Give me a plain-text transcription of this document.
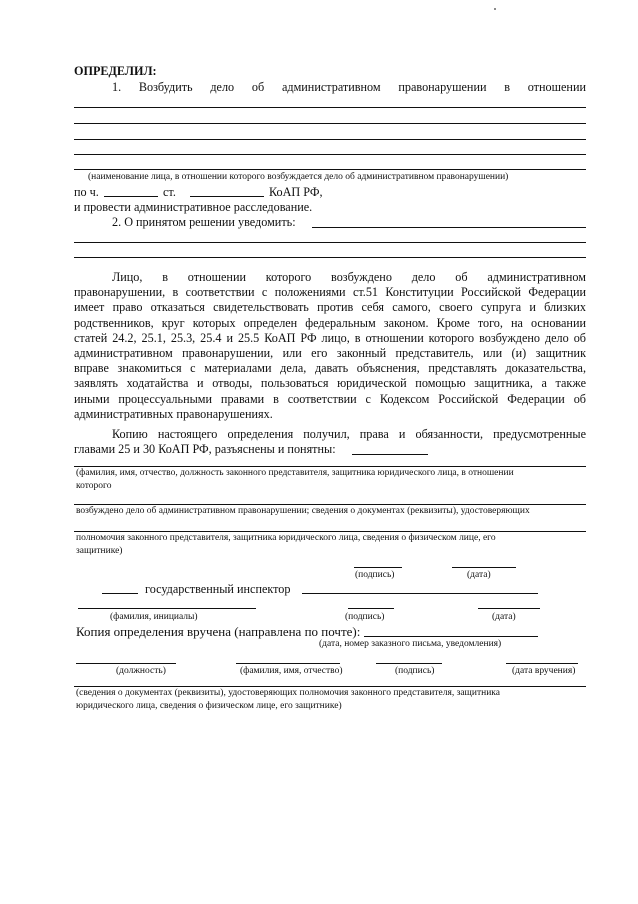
ОПРЕДЕЛИЛ:
1. Возбудить дело об административном правонарушении в отношении
(наименование лица, в отношении которого возбуждается дело об административном правонарушении)
по ч.	ст.	КоАП РФ,
и провести административное расследование.
2. О принятом решении уведомить:
Лицо, в отношении которого возбуждено дело об административном
правонарушении, в соответствии с положениями ст.51 Конституции Российской Федерации
имеет право отказаться свидетельствовать против себя самого, своего супруга и близких
родственников, круг которых определен федеральным законом. Кроме того, на основании
статей 24.2, 25.1, 25.3, 25.4 и 25.5 КоАП РФ лицо, в отношении которого возбуждено дело об
административном правонарушении, или его законный представитель, или (и) защитник
вправе знакомиться с материалами дела, давать объяснения, представлять доказательства,
заявлять ходатайства и отводы, пользоваться юридической помощью защитника, а также
иными процессуальными правами в соответствии с Кодексом Российской Федерации об
административных правонарушениях.
Копию настоящего определения получил, права и обязанности, предусмотренные
главами 25 и 30 КоАП РФ, разъяснены и понятны:
(фамилия, имя, отчество, должность законного представителя, защитника юридического лица, в отношении
которого
возбуждено дело об административном правонарушении; сведения о документах (реквизиты), удостоверяющих
полномочия законного представителя, защитника юридического лица, сведения о физическом лице, его
защитнике)
(подпись)	(дата)
государственный инспектор
(фамилия, инициалы)	(подпись)	(дата)
Копия определения вручена (направлена по почте):
(дата, номер заказного письма, уведомления)
(должность)	(фамилия, имя, отчество)	(подпись)	(дата вручения)
(сведения о документах (реквизиты), удостоверяющих полномочия законного представителя, защитника
юридического лица, сведения о физическом лице, его защитнике)
